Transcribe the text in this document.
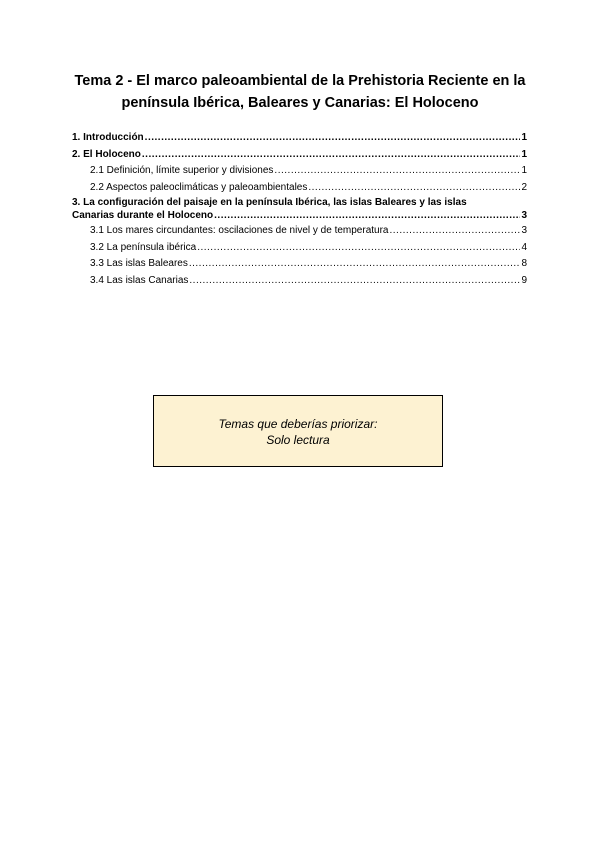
Tema 2 - El marco paleoambiental de la Prehistoria Reciente en la
península Ibérica, Baleares y Canarias: El Holoceno
1. Introducción .....	1
2. El Holoceno .....	1
2.1 Definición, límite superior y divisiones .....	1
2.2 Aspectos paleoclimáticas y paleoambientales .....	2
3. La configuración del paisaje en la península Ibérica, las islas Baleares y las islas
Canarias durante el Holoceno .....	3
3.1 Los mares circundantes: oscilaciones de nivel y de temperatura .....	3
3.2 La península ibérica .....	4
3.3 Las islas Baleares .....	8
3.4 Las islas Canarias .....	9
Temas que deberías priorizar:
Solo lectura
